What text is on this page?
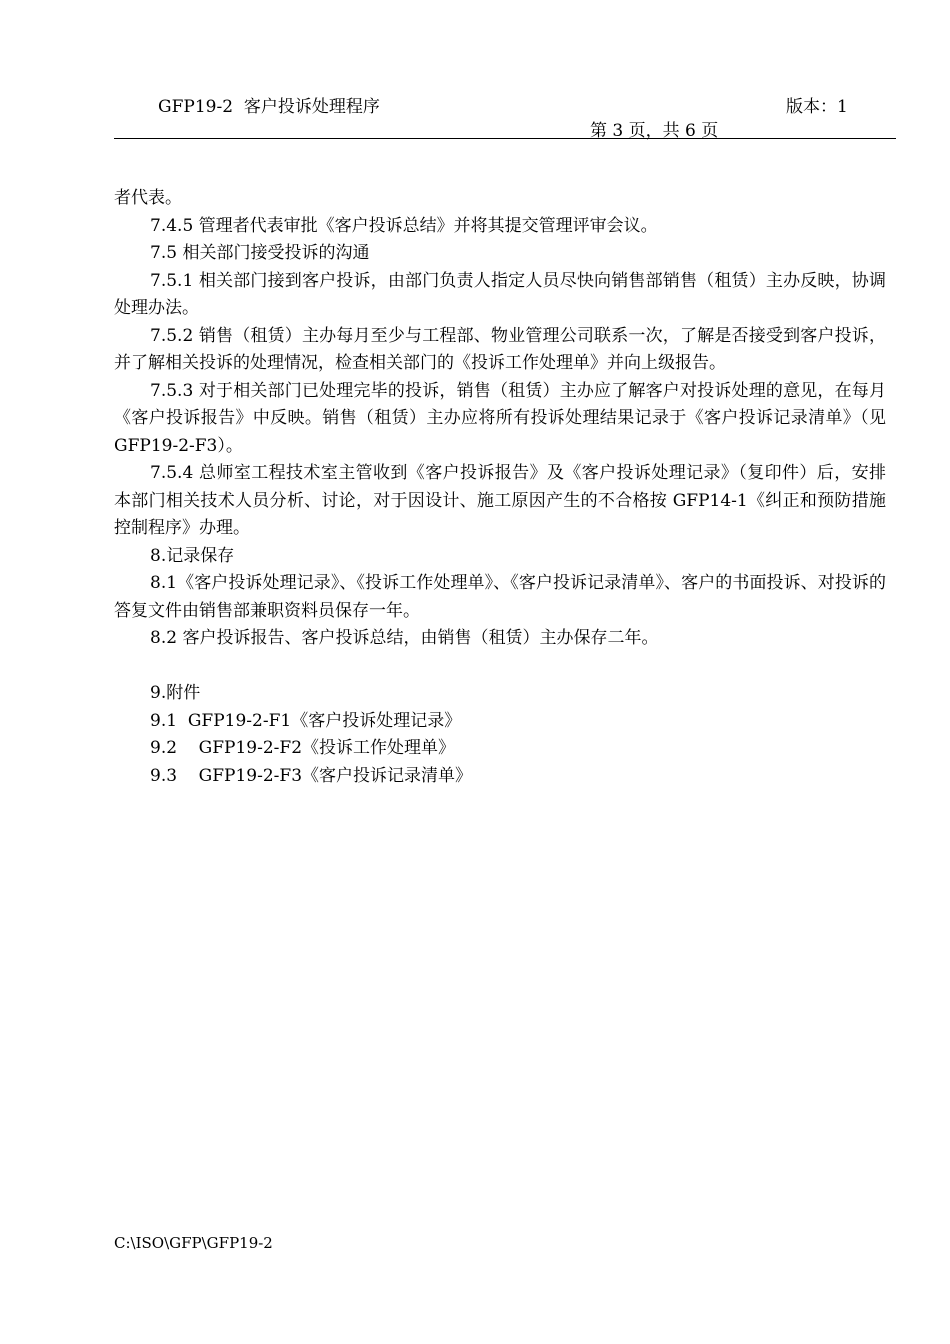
GFP19-2  客户投诉处理程序	版本：1
第 3 页，共 6 页

者代表。

7.4.5 管理者代表审批《客户投诉总结》并将其提交管理评审会议。

7.5 相关部门接受投诉的沟通

7.5.1 相关部门接到客户投诉，由部门负责人指定人员尽快向销售部销售（租赁）主办反映，协调处理办法。

7.5.2 销售（租赁）主办每月至少与工程部、物业管理公司联系一次，了解是否接受到客户投诉，并了解相关投诉的处理情况，检查相关部门的《投诉工作处理单》并向上级报告。

7.5.3 对于相关部门已处理完毕的投诉，销售（租赁）主办应了解客户对投诉处理的意见，在每月《客户投诉报告》中反映。销售（租赁）主办应将所有投诉处理结果记录于《客户投诉记录清单》（见 GFP19-2-F3）。

7.5.4 总师室工程技术室主管收到《客户投诉报告》及《客户投诉处理记录》（复印件）后，安排本部门相关技术人员分析、讨论，对于因设计、施工原因产生的不合格按 GFP14-1《纠正和预防措施控制程序》办理。

8.记录保存

8.1《客户投诉处理记录》、《投诉工作处理单》、《客户投诉记录清单》、客户的书面投诉、对投诉的答复文件由销售部兼职资料员保存一年。

8.2 客户投诉报告、客户投诉总结，由销售（租赁）主办保存二年。

9.附件

9.1  GFP19-2-F1《客户投诉处理记录》

9.2    GFP19-2-F2《投诉工作处理单》

9.3    GFP19-2-F3《客户投诉记录清单》

C:\ISO\GFP\GFP19-2
